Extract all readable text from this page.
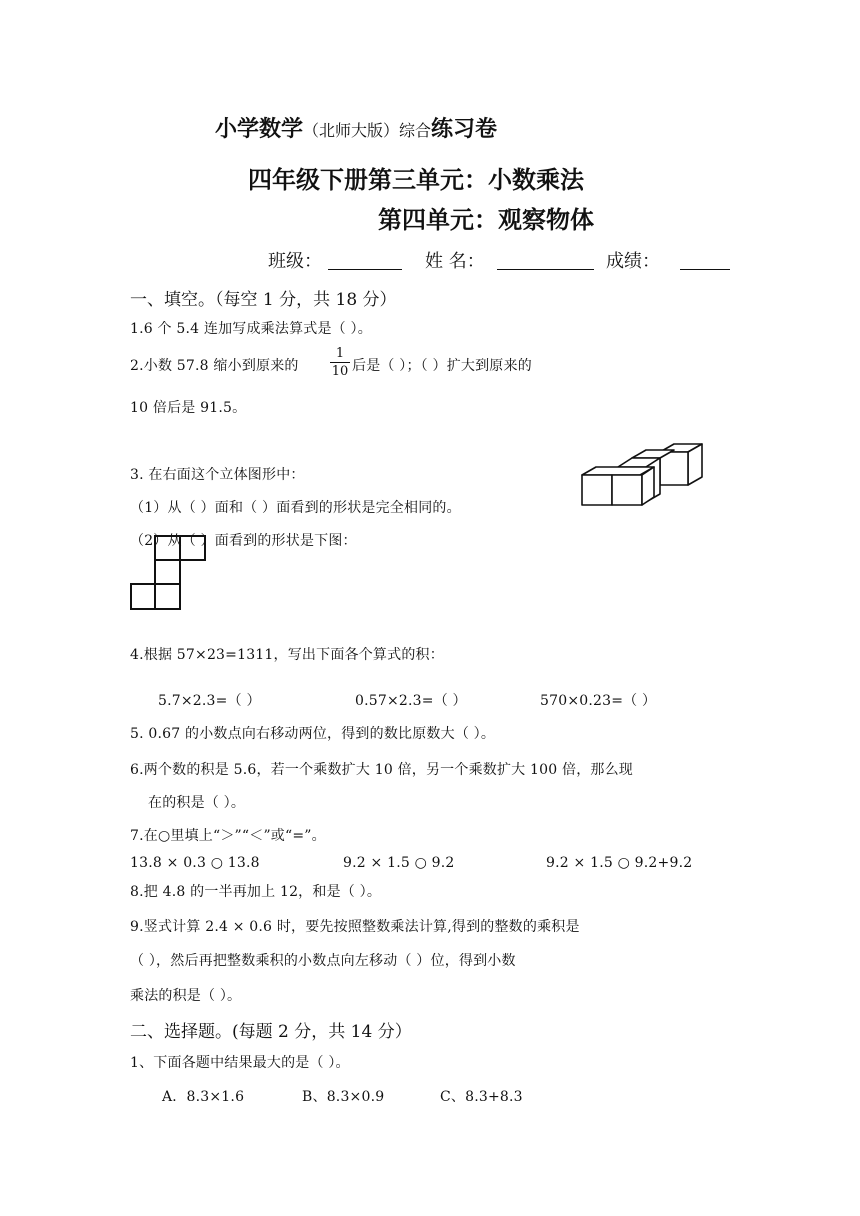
小学数学（北师大版）综合练习卷
四年级下册第三单元：小数乘法
第四单元：观察物体
班级：	姓 名：	成绩：
一、填空。（每空 1 分，共 18 分）
1.6 个 5.4 连加写成乘法算式是（ ）。
2.小数 57.8 缩小到原来的
1
10 后是（ ）；（ ）扩大到原来的
10 倍后是 91.5。
3. 在右面这个立体图形中：
（1）从（ ）面和（ ）面看到的形状是完全相同的。
（2）从（ ）面看到的形状是下图：
4.根据 57×23=1311，写出下面各个算式的积：
5.7×2.3=（ ）	0.57×2.3=（ ）	570×0.23=（ ）
5. 0.67 的小数点向右移动两位，得到的数比原数大（ ）。
6.两个数的积是 5.6，若一个乘数扩大 10 倍，另一个乘数扩大 100 倍，那么现
在的积是（ ）。
7.在○里填上“＞”“＜”或“=”。
13.8 × 0.3 ○ 13.8	9.2 × 1.5 ○ 9.2	9.2 × 1.5 ○ 9.2+9.2
8.把 4.8 的一半再加上 12，和是（ ）。
9.竖式计算 2.4 × 0.6 时，要先按照整数乘法计算,得到的整数的乘积是
（ ），然后再把整数乘积的小数点向左移动（ ）位，得到小数
乘法的积是（ ）。
二、选择题。(每题 2 分，共 14 分）
1、下面各题中结果最大的是（ ）。
A．8.3×1.6	B、8.3×0.9	C、8.3+8.3
